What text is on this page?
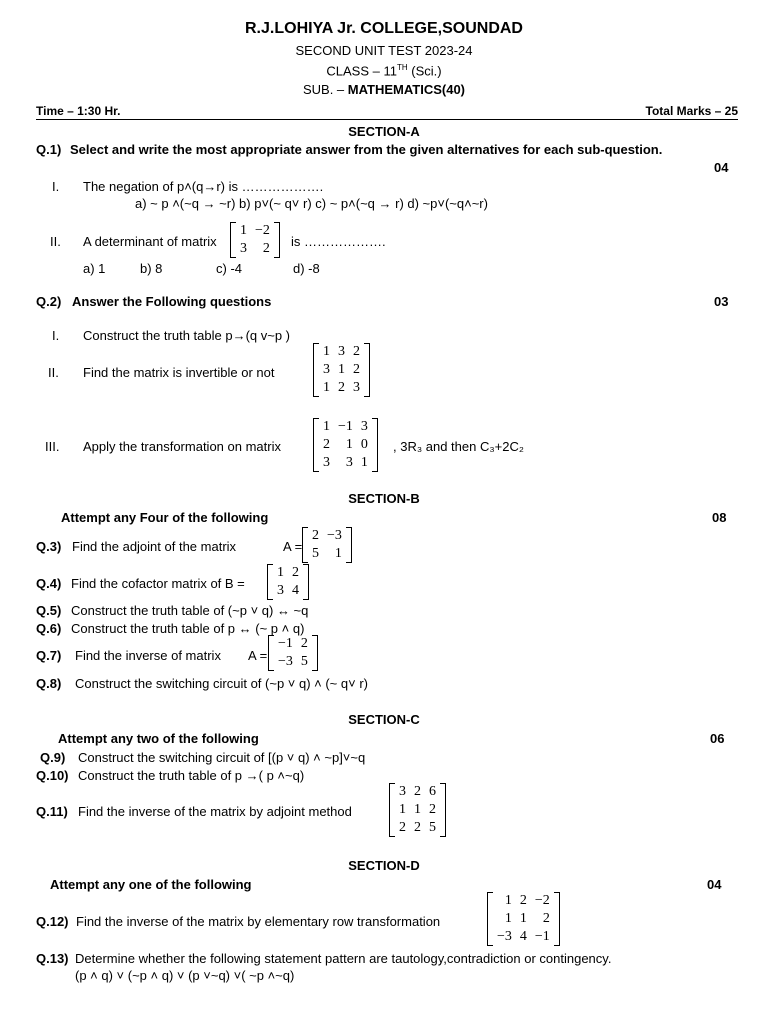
R.J.LOHIYA Jr. COLLEGE,SOUNDAD
SECOND UNIT TEST 2023-24
CLASS – 11TH (Sci.)
SUB. – MATHEMATICS(40)
Time – 1:30 Hr.	Total Marks – 25
SECTION-A
Q.1) Select and write the most appropriate answer from the given alternatives for each sub-question.
04
I. The negation of p˄(q→r) is ……………….
a) ~ p ˄(~q → ~r) b) p˅(~ q˅ r) c) ~ p˄(~q → r) d) ~p˅(~q˄~r)
II. A determinant of matrix
1	−2
3	2 is ……………….
a) 1	b) 8	c) -4	d) -8
Q.2) Answer the Following questions	03
I. Construct the truth table p→(q v~p )
II. Find the matrix is invertible or not
1	3	2
3	1	2
1	2	3
III. Apply the transformation on matrix
1	−1	3
2	1	0
3	3	1
, 3R₃ and then C₃+2C₂
SECTION-B
Attempt any Four of the following	08
Q.3) Find the adjoint of the matrix	A =
2	−3
5	1
Q.4) Find the cofactor matrix of B =
1	2
3	4
Q.5) Construct the truth table of (~p ˅ q) ↔ ~q
Q.6) Construct the truth table of p ↔ (~ p ˄ q)
Q.7) Find the inverse of matrix A =
−1	2
−3	5
Q.8) Construct the switching circuit of (~p ˅ q) ˄ (~ q˅ r)
SECTION-C
Attempt any two of the following	06
Q.9) Construct the switching circuit of [(p ˅ q) ˄ ~p]˅~q
Q.10) Construct the truth table of p →( p ˄~q)
Q.11) Find the inverse of the matrix by adjoint method
3	2	6
1	1	2
2	2	5
SECTION-D
Attempt any one of the following	04
Q.12) Find the inverse of the matrix by elementary row transformation
1	2	−2
1	1	2
−3	4	−1
Q.13) Determine whether the following statement pattern are tautology,contradiction or contingency.
(p ˄ q) ˅ (~p ˄ q) ˅ (p ˅~q) ˅( ~p ˄~q)
